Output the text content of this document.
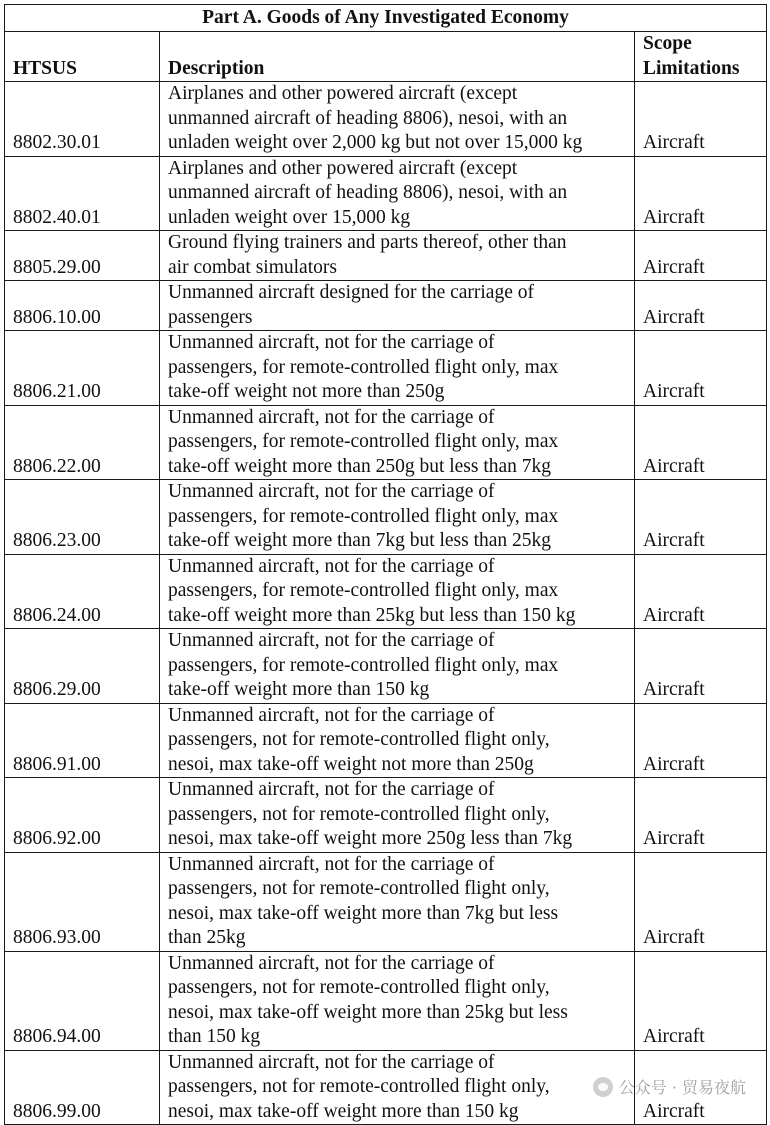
Part A. Goods of Any Investigated Economy		
HTSUS	Description	Scope
Limitations
8802.30.01	Airplanes and other powered aircraft (except
unmanned aircraft of heading 8806), nesoi, with an
unladen weight over 2,000 kg but not over 15,000 kg	Aircraft
8802.40.01	Airplanes and other powered aircraft (except
unmanned aircraft of heading 8806), nesoi, with an
unladen weight over 15,000 kg	Aircraft
8805.29.00	Ground flying trainers and parts thereof, other than
air combat simulators	Aircraft
8806.10.00	Unmanned aircraft designed for the carriage of
passengers	Aircraft
8806.21.00	Unmanned aircraft, not for the carriage of
passengers, for remote-controlled flight only, max
take-off weight not more than 250g	Aircraft
8806.22.00	Unmanned aircraft, not for the carriage of
passengers, for remote-controlled flight only, max
take-off weight more than 250g but less than 7kg	Aircraft
8806.23.00	Unmanned aircraft, not for the carriage of
passengers, for remote-controlled flight only, max
take-off weight more than 7kg but less than 25kg	Aircraft
8806.24.00	Unmanned aircraft, not for the carriage of
passengers, for remote-controlled flight only, max
take-off weight more than 25kg but less than 150 kg	Aircraft
8806.29.00	Unmanned aircraft, not for the carriage of
passengers, for remote-controlled flight only, max
take-off weight more than 150 kg	Aircraft
8806.91.00	Unmanned aircraft, not for the carriage of
passengers, not for remote-controlled flight only,
nesoi, max take-off weight not more than 250g	Aircraft
8806.92.00	Unmanned aircraft, not for the carriage of
passengers, not for remote-controlled flight only,
nesoi, max take-off weight more 250g less than 7kg	Aircraft
8806.93.00	Unmanned aircraft, not for the carriage of
passengers, not for remote-controlled flight only,
nesoi, max take-off weight more than 7kg but less
than 25kg	Aircraft
8806.94.00	Unmanned aircraft, not for the carriage of
passengers, not for remote-controlled flight only,
nesoi, max take-off weight more than 25kg but less
than 150 kg	Aircraft
8806.99.00	Unmanned aircraft, not for the carriage of
passengers, not for remote-controlled flight only,
nesoi, max take-off weight more than 150 kg	Aircraft
公众号 · 贸易夜航
